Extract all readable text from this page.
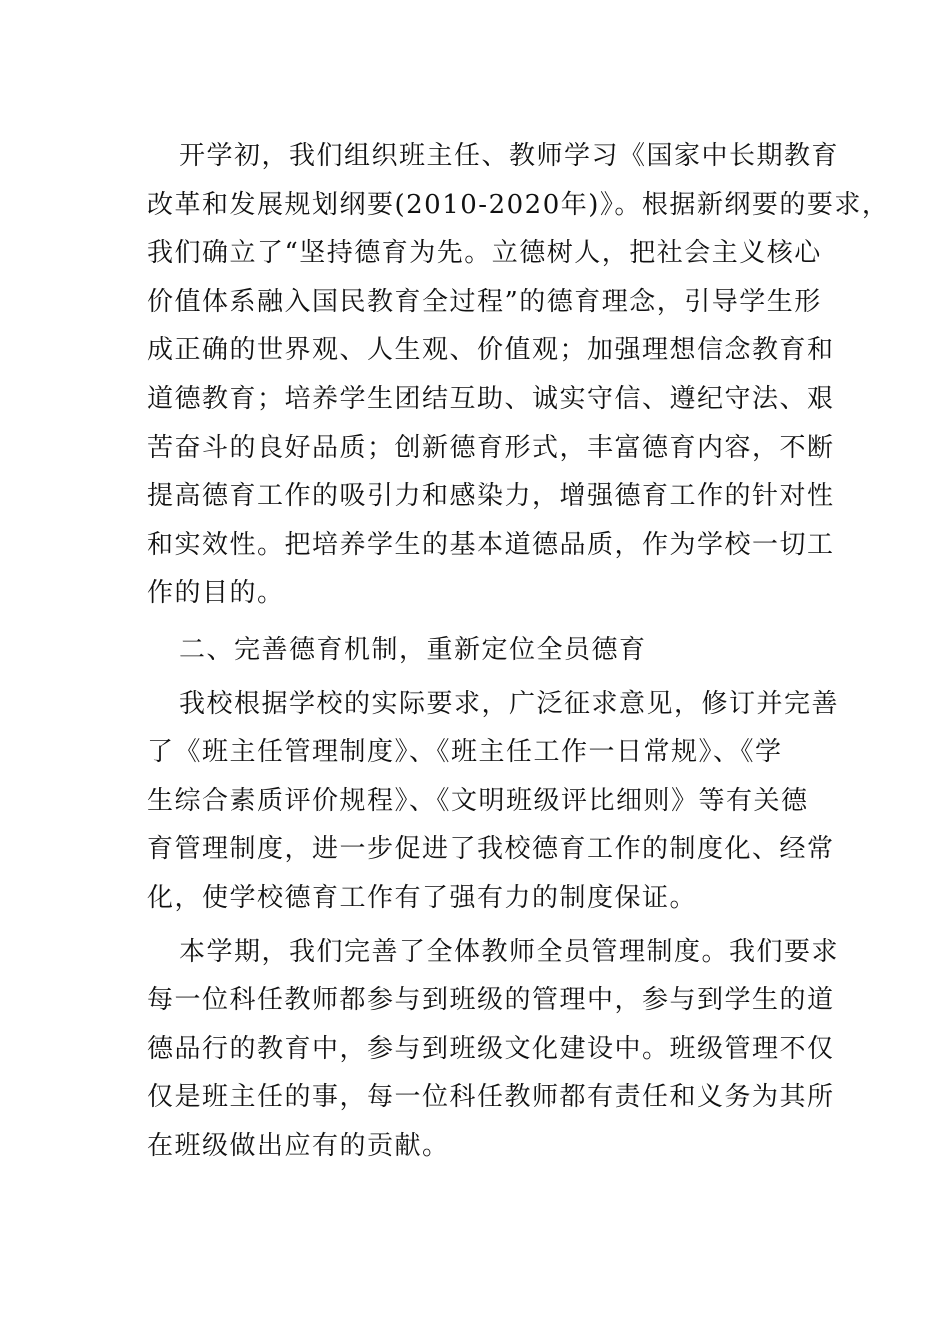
开学初，我们组织班主任、教师学习《国家中长期教育
改革和发展规划纲要(2010-2020年)》。根据新纲要的要求，
我们确立了“坚持德育为先。立德树人，把社会主义核心
价值体系融入国民教育全过程”的德育理念，引导学生形
成正确的世界观、人生观、价值观；加强理想信念教育和
道德教育；培养学生团结互助、诚实守信、遵纪守法、艰
苦奋斗的良好品质；创新德育形式，丰富德育内容，不断
提高德育工作的吸引力和感染力，增强德育工作的针对性
和实效性。把培养学生的基本道德品质，作为学校一切工
作的目的。
二、完善德育机制，重新定位全员德育
我校根据学校的实际要求，广泛征求意见，修订并完善
了《班主任管理制度》、《班主任工作一日常规》、《学
生综合素质评价规程》、《文明班级评比细则》等有关德
育管理制度，进一步促进了我校德育工作的制度化、经常
化，使学校德育工作有了强有力的制度保证。
本学期，我们完善了全体教师全员管理制度。我们要求
每一位科任教师都参与到班级的管理中，参与到学生的道
德品行的教育中，参与到班级文化建设中。班级管理不仅
仅是班主任的事，每一位科任教师都有责任和义务为其所
在班级做出应有的贡献。
